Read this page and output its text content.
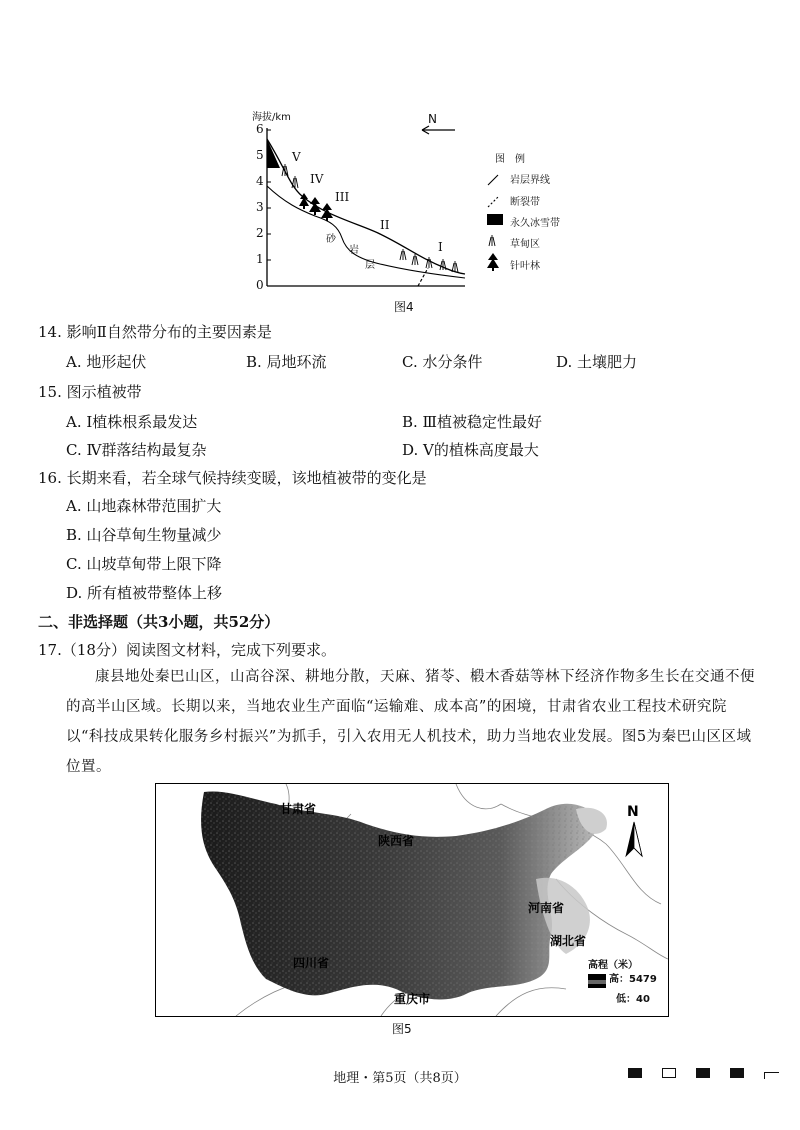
海拔/km
6
5
4
3
2
1
0
N
V
IV
III
II
I
砂
岩
层
图　例
岩层界线
断裂带
永久冰雪带
草甸区
针叶林
图4
14. 影响Ⅱ自然带分布的主要因素是
A. 地形起伏	B. 局地环流	C. 水分条件	D. 土壤肥力
15. 图示植被带
A. Ⅰ植株根系最发达	B. Ⅲ植被稳定性最好
C. Ⅳ群落结构最复杂	D. Ⅴ的植株高度最大
16. 长期来看，若全球气候持续变暖，该地植被带的变化是
A. 山地森林带范围扩大
B. 山谷草甸生物量减少
C. 山坡草甸带上限下降
D. 所有植被带整体上移
二、非选择题（共3小题，共52分）
17.（18分）阅读图文材料，完成下列要求。

康县地处秦巴山区，山高谷深、耕地分散，天麻、猪苓、椴木香菇等林下经济作物多生长在交通不便的高半山区域。长期以来，当地农业生产面临“运输难、成本高”的困境，甘肃省农业工程技术研究院以“科技成果转化服务乡村振兴”为抓手，引入农用无人机技术，助力当地农业发展。图5为秦巴山区区域位置。

甘肃省
陕西省
河南省
湖北省
四川省
重庆市
N
高程（米）
高：5479
低：40
图5
地理・第5页（共8页）
